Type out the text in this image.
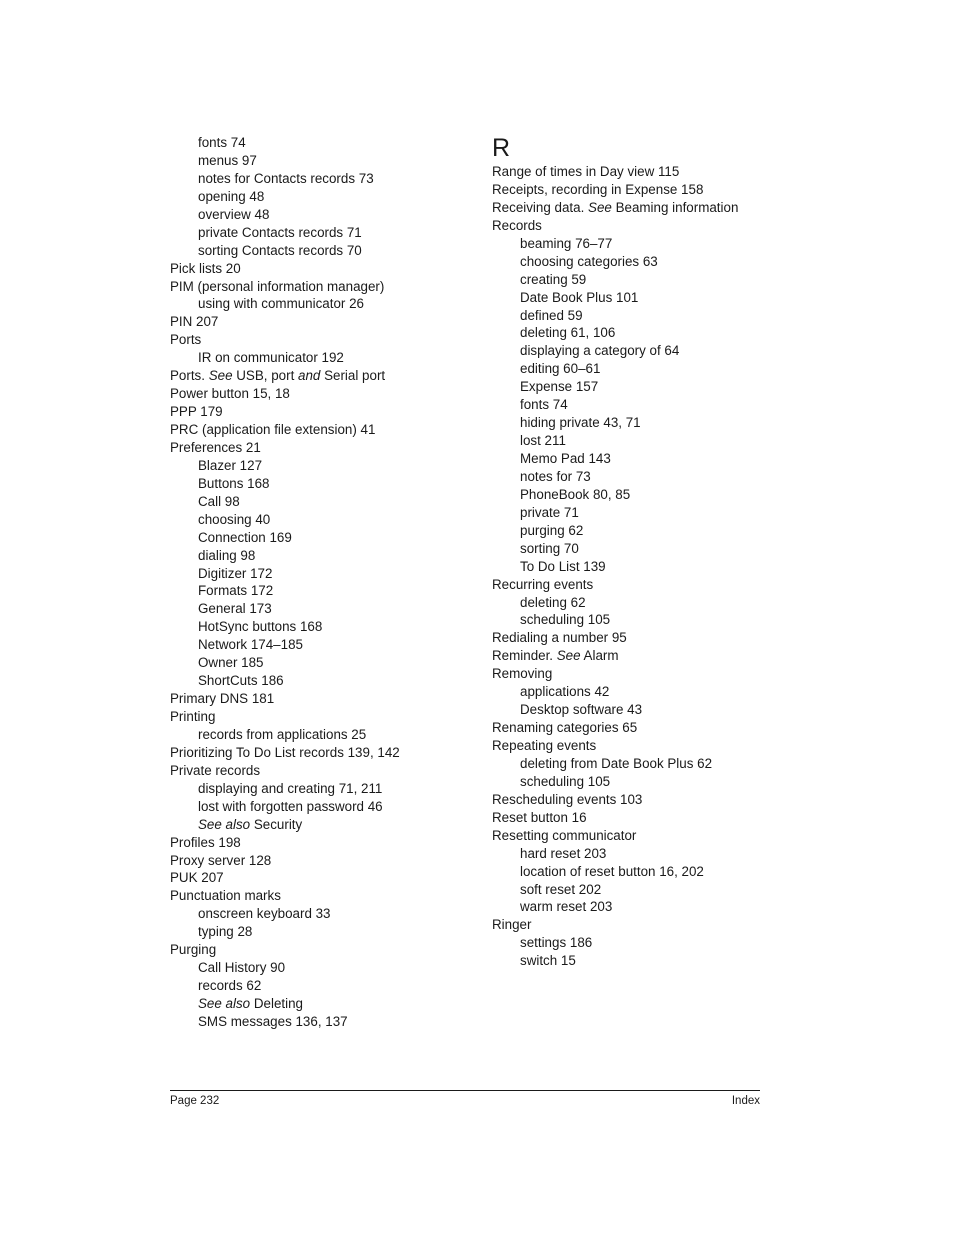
fonts 74
menus 97
notes for Contacts records 73
opening 48
overview 48
private Contacts records 71
sorting Contacts records 70
Pick lists 20
PIM (personal information manager)
using with communicator 26
PIN 207
Ports
IR on communicator 192
Ports. See USB, port and Serial port
Power button 15, 18
PPP 179
PRC (application file extension) 41
Preferences 21
Blazer 127
Buttons 168
Call 98
choosing 40
Connection 169
dialing 98
Digitizer 172
Formats 172
General 173
HotSync buttons 168
Network 174–185
Owner 185
ShortCuts 186
Primary DNS 181
Printing
records from applications 25
Prioritizing To Do List records 139, 142
Private records
displaying and creating 71, 211
lost with forgotten password 46
See also Security
Profiles 198
Proxy server 128
PUK 207
Punctuation marks
onscreen keyboard 33
typing 28
Purging
Call History 90
records 62
See also Deleting
SMS messages 136, 137
R
Range of times in Day view 115
Receipts, recording in Expense 158
Receiving data. See Beaming information
Records
beaming 76–77
choosing categories 63
creating 59
Date Book Plus 101
defined 59
deleting 61, 106
displaying a category of 64
editing 60–61
Expense 157
fonts 74
hiding private 43, 71
lost 211
Memo Pad 143
notes for 73
PhoneBook 80, 85
private 71
purging 62
sorting 70
To Do List 139
Recurring events
deleting 62
scheduling 105
Redialing a number 95
Reminder. See Alarm
Removing
applications 42
Desktop software 43
Renaming categories 65
Repeating events
deleting from Date Book Plus 62
scheduling 105
Rescheduling events 103
Reset button 16
Resetting communicator
hard reset 203
location of reset button 16, 202
soft reset 202
warm reset 203
Ringer
settings 186
switch 15
Page 232	Index
